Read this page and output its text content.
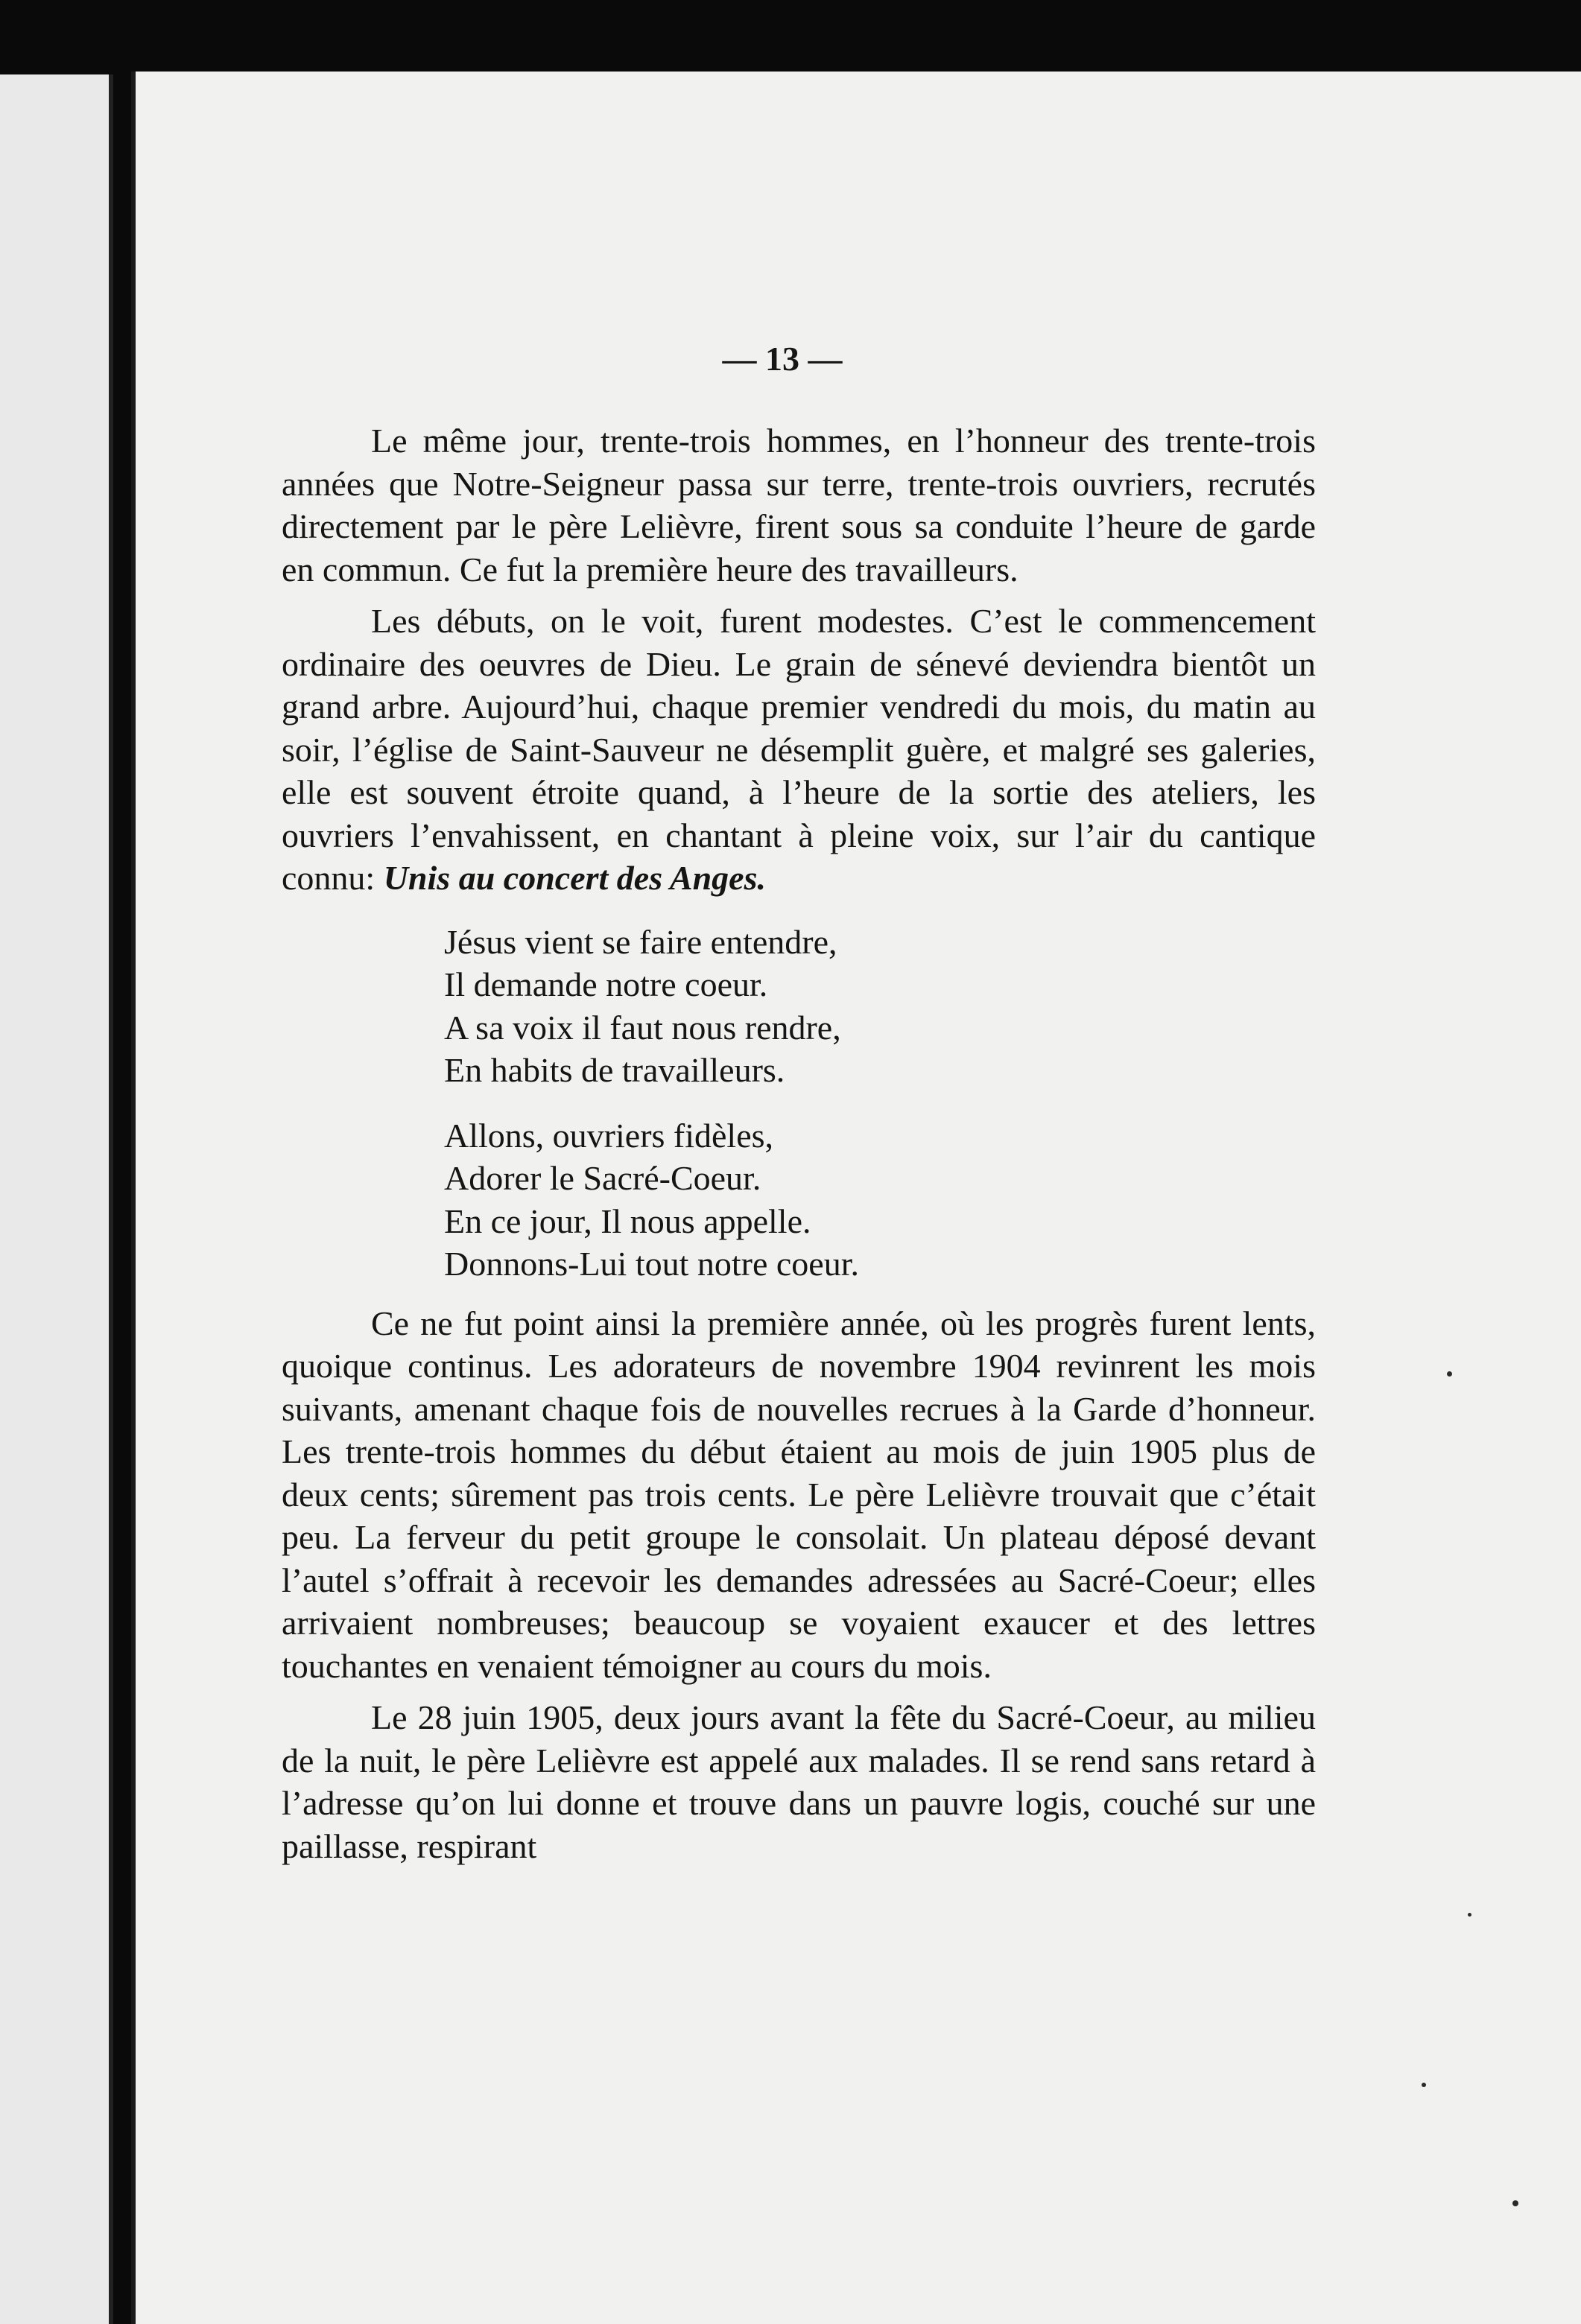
— 13 —

Le même jour, trente-trois hommes, en l’honneur des trente-trois années que Notre-Seigneur passa sur terre, trente-trois ouvriers, recrutés directement par le père Lelièvre, firent sous sa conduite l’heure de garde en commun. Ce fut la première heure des travailleurs.

Les débuts, on le voit, furent modestes. C’est le commencement ordinaire des oeuvres de Dieu. Le grain de sénevé deviendra bientôt un grand arbre. Aujourd’hui, chaque premier vendredi du mois, du matin au soir, l’église de Saint-Sauveur ne désemplit guère, et malgré ses galeries, elle est souvent étroite quand, à l’heure de la sortie des ateliers, les ouvriers l’envahissent, en chantant à pleine voix, sur l’air du cantique connu: Unis au concert des Anges.

Jésus vient se faire entendre,
Il demande notre coeur.
A sa voix il faut nous rendre,
En habits de travailleurs.
Allons, ouvriers fidèles,
Adorer le Sacré-Coeur.
En ce jour, Il nous appelle.
Donnons-Lui tout notre coeur.

Ce ne fut point ainsi la première année, où les progrès furent lents, quoique continus. Les adorateurs de novembre 1904 revinrent les mois suivants, amenant chaque fois de nouvelles recrues à la Garde d’honneur. Les trente-trois hommes du début étaient au mois de juin 1905 plus de deux cents; sûrement pas trois cents. Le père Lelièvre trouvait que c’était peu. La ferveur du petit groupe le consolait. Un plateau déposé devant l’autel s’offrait à recevoir les demandes adressées au Sacré-Coeur; elles arrivaient nombreuses; beaucoup se voyaient exaucer et des lettres touchantes en venaient témoigner au cours du mois.

Le 28 juin 1905, deux jours avant la fête du Sacré-Coeur, au milieu de la nuit, le père Lelièvre est appelé aux malades. Il se rend sans retard à l’adresse qu’on lui donne et trouve dans un pauvre logis, couché sur une paillasse, respirant
